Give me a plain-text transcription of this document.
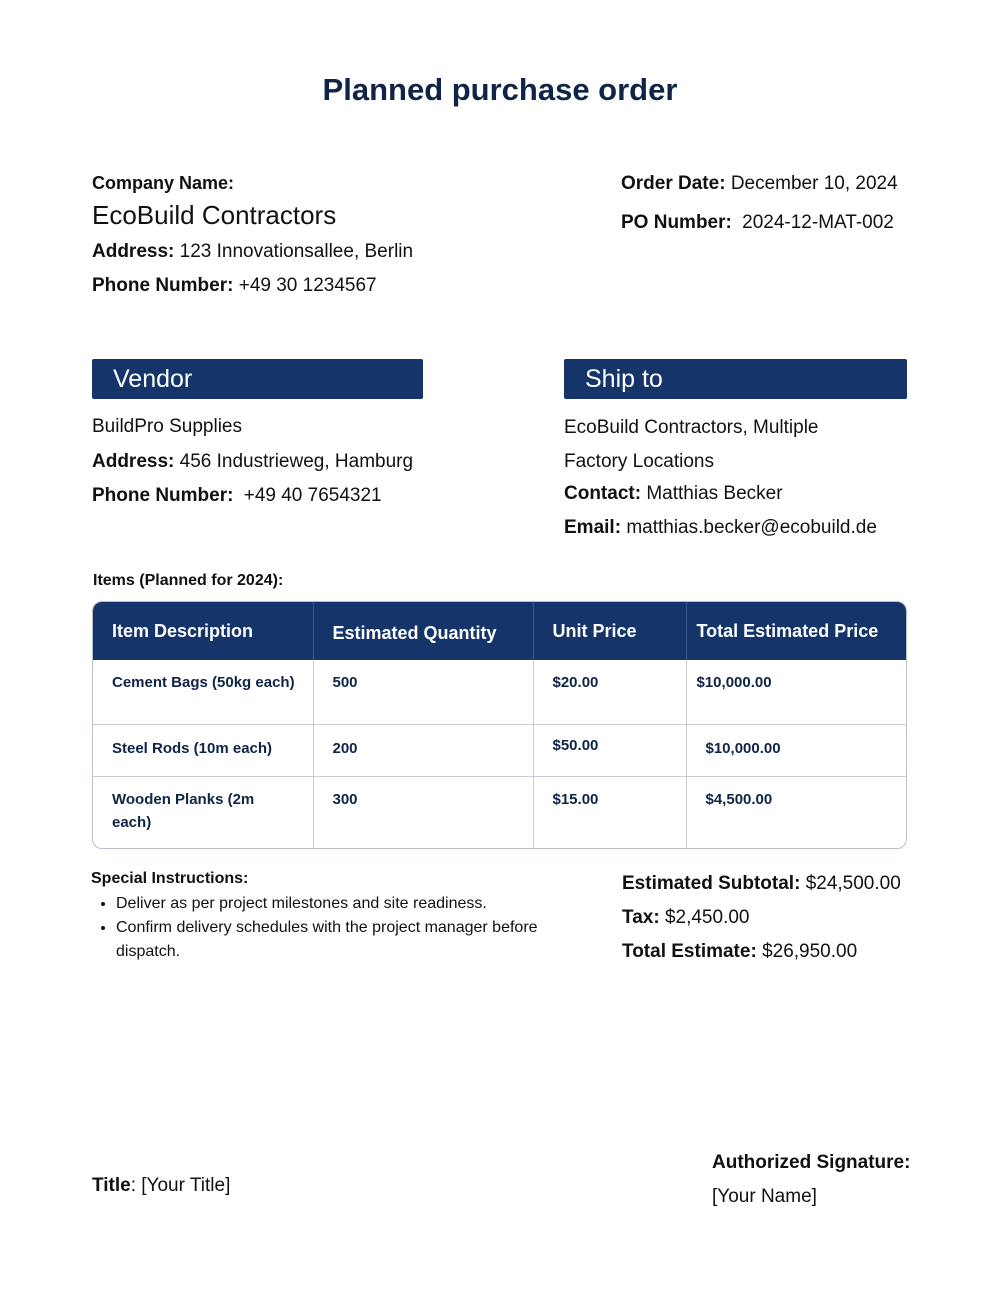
Planned purchase order
Company Name:
EcoBuild Contractors
Address: 123 Innovationsallee, Berlin
Phone Number: +49 30 1234567
Order Date: December 10, 2024
PO Number: 2024-12-MAT-002
Vendor
BuildPro Supplies
Address: 456 Industrieweg, Hamburg
Phone Number: +49 40 7654321
Ship to
EcoBuild Contractors, Multiple
Factory Locations
Contact: Matthias Becker
Email: matthias.becker@ecobuild.de
Items (Planned for 2024):
Item Description	Estimated Quantity	Unit Price	Total Estimated Price
Cement Bags (50kg each)	500	$20.00	$10,000.00
Steel Rods (10m each)	200	$50.00	$10,000.00
Wooden Planks (2m each)	300	$15.00	$4,500.00
Special Instructions:
• Deliver as per project milestones and site readiness.
• Confirm delivery schedules with the project manager before dispatch.
Estimated Subtotal: $24,500.00
Tax: $2,450.00
Total Estimate: $26,950.00
Title: [Your Title]
Authorized Signature:
[Your Name]
